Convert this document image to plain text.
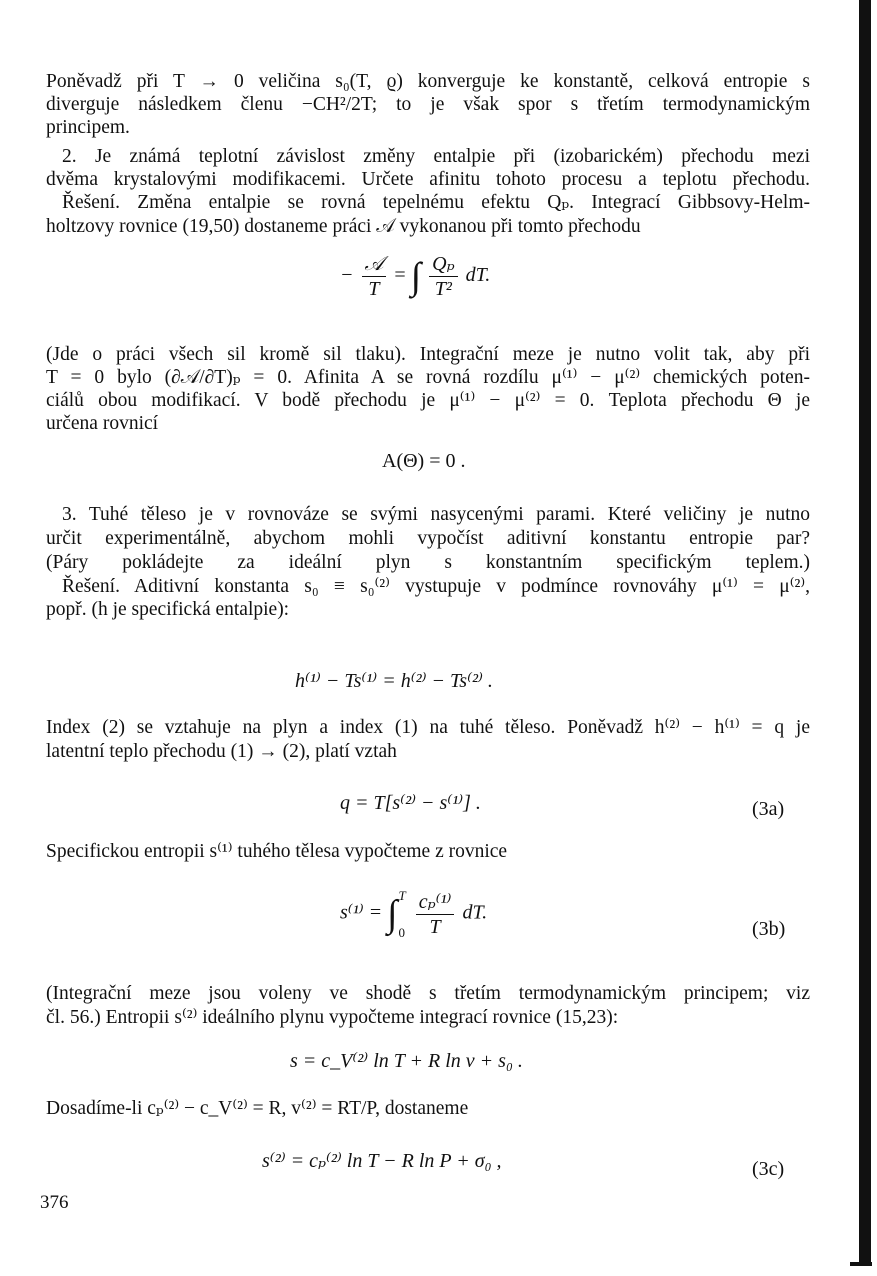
Poněvadž při T → 0 veličina s₀(T, ϱ) konverguje ke konstantě, celková entropie s
diverguje následkem členu −CH²/2T; to je však spor s třetím termodynamickým
principem.
2. Je známá teplotní závislost změny entalpie při (izobarickém) přechodu mezi
dvěma krystalovými modifikacemi. Určete afinitu tohoto procesu a teplotu přechodu.
Řešení. Změna entalpie se rovná tepelnému efektu Qₚ. Integrací Gibbsovy-Helm-
holtzovy rovnice (19,50) dostaneme práci 𝒜 vykonanou při tomto přechodu
− $\frac{\text{𝒜}}{T}$ = ∫ $\frac{\text{Qₚ}}{\text{T²}}$ dT.
(Jde o práci všech sil kromě sil tlaku). Integrační meze je nutno volit tak, aby při
T = 0 bylo (∂𝒜/∂T)ₚ = 0. Afinita A se rovná rozdílu μ⁽¹⁾ − μ⁽²⁾ chemických poten-
ciálů obou modifikací. V bodě přechodu je μ⁽¹⁾ − μ⁽²⁾ = 0. Teplota přechodu Θ je
určena rovnicí
A(Θ) = 0 .
3. Tuhé těleso je v rovnováze se svými nasycenými parami. Které veličiny je nutno
určit experimentálně, abychom mohli vypočíst aditivní konstantu entropie par?
(Páry pokládejte za ideální plyn s konstantním specifickým teplem.)
Řešení. Aditivní konstanta s₀ ≡ s₀⁽²⁾ vystupuje v podmínce rovnováhy μ⁽¹⁾ = μ⁽²⁾,
popř. (h je specifická entalpie):
h⁽¹⁾ − Ts⁽¹⁾ = h⁽²⁾ − Ts⁽²⁾ .
Index (2) se vztahuje na plyn a index (1) na tuhé těleso. Poněvadž h⁽²⁾ − h⁽¹⁾ = q je
latentní teplo přechodu (1) → (2), platí vztah
q = T[s⁽²⁾ − s⁽¹⁾] .	(3a)
Specifickou entropii s⁽¹⁾ tuhého tělesa vypočteme z rovnice
s⁽¹⁾ = ∫ T
0
$\frac{\text{cₚ⁽¹⁾}}{T}$ dT.
(3b)
(Integrační meze jsou voleny ve shodě s třetím termodynamickým principem; viz
čl. 56.) Entropii s⁽²⁾ ideálního plynu vypočteme integrací rovnice (15,23):
s = c_V⁽²⁾ ln T + R ln v + s₀ .
Dosadíme-li cₚ⁽²⁾ − c_V⁽²⁾ = R, v⁽²⁾ = RT/P, dostaneme
s⁽²⁾ = cₚ⁽²⁾ ln T − R ln P + σ₀ ,	(3c)
376
